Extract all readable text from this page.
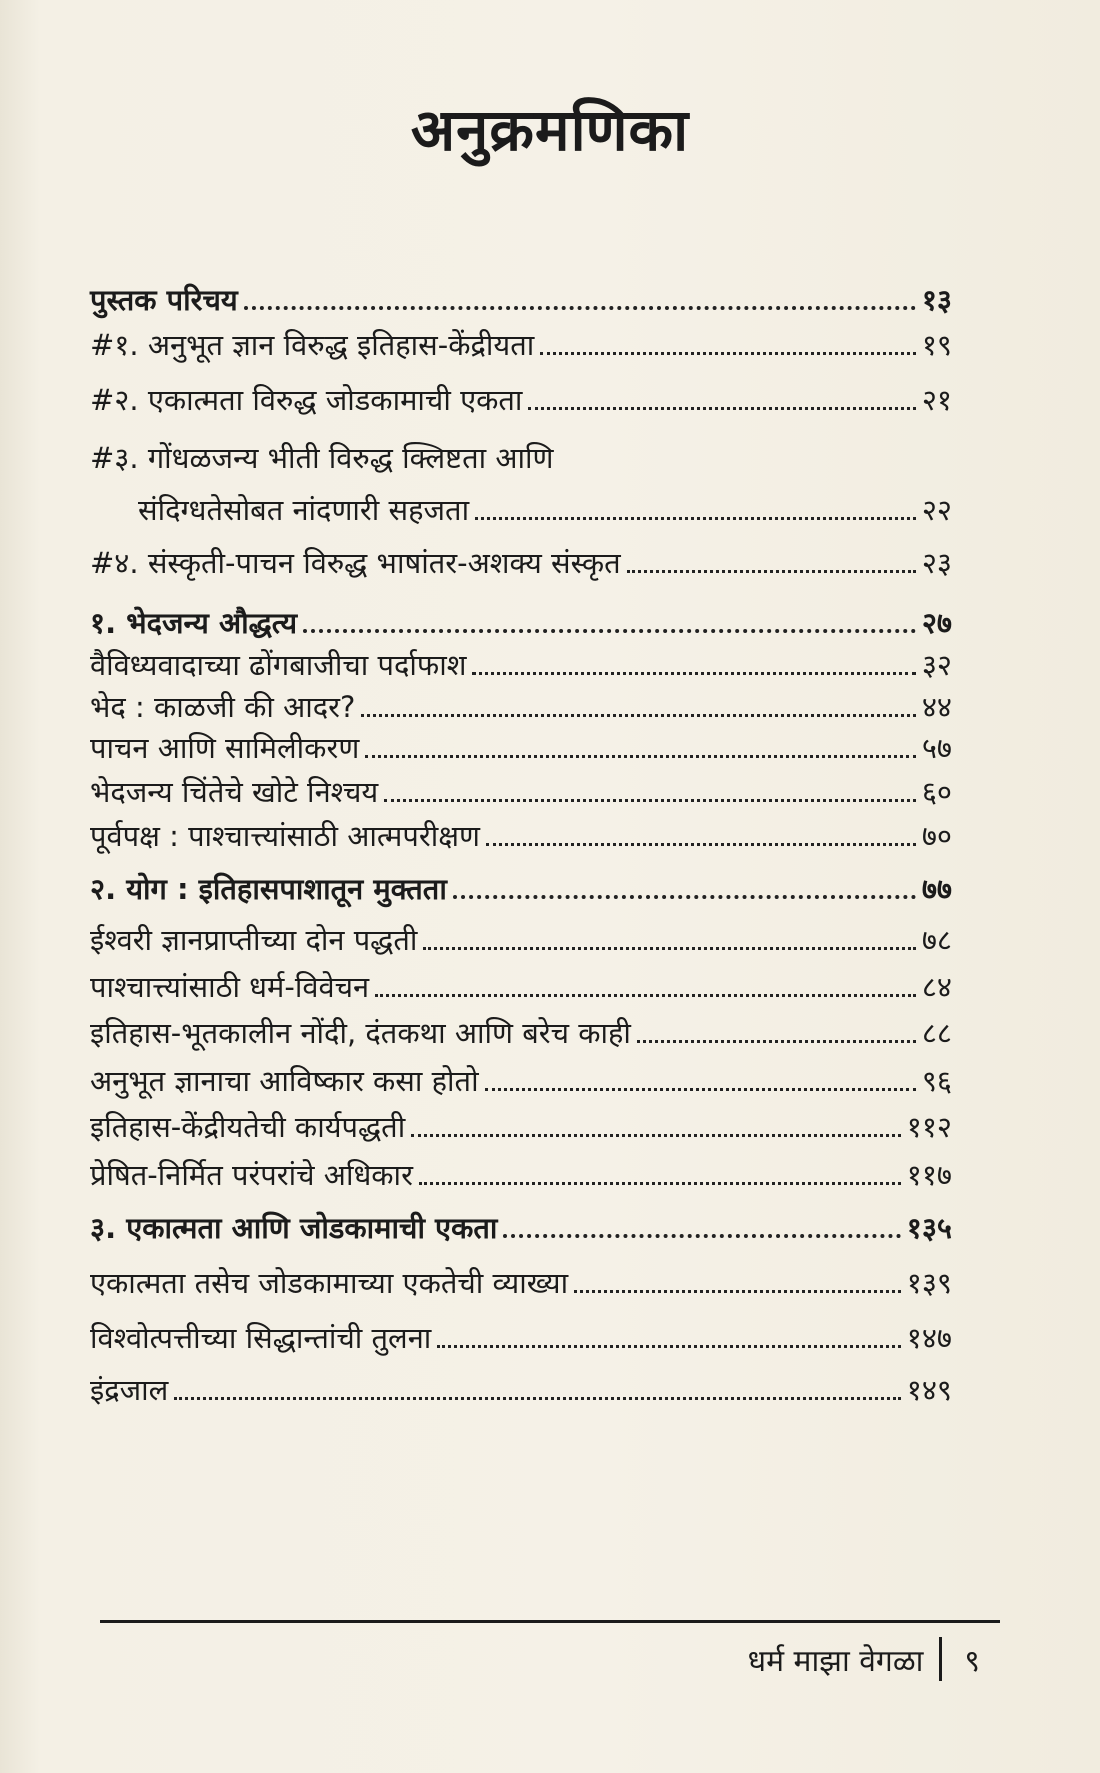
अनुक्रमणिका
पुस्तक परिचय	१३
#१. अनुभूत ज्ञान विरुद्ध इतिहास-केंद्रीयता	१९
#२. एकात्मता विरुद्ध जोडकामाची एकता	२१
#३. गोंधळजन्य भीती विरुद्ध क्लिष्टता आणि
संदिग्धतेसोबत नांदणारी सहजता	२२
#४. संस्कृती-पाचन विरुद्ध भाषांतर-अशक्य संस्कृत	२३
१. भेदजन्य औद्धत्य	२७
वैविध्यवादाच्या ढोंगबाजीचा पर्दाफाश	३२
भेद : काळजी की आदर?	४४
पाचन आणि सामिलीकरण	५७
भेदजन्य चिंतेचे खोटे निश्चय	६०
पूर्वपक्ष : पाश्चात्त्यांसाठी आत्मपरीक्षण	७०
२. योग : इतिहासपाशातून मुक्तता	७७
ईश्वरी ज्ञानप्राप्तीच्या दोन पद्धती	७८
पाश्चात्त्यांसाठी धर्म-विवेचन	८४
इतिहास-भूतकालीन नोंदी, दंतकथा आणि बरेच काही	८८
अनुभूत ज्ञानाचा आविष्कार कसा होतो	९६
इतिहास-केंद्रीयतेची कार्यपद्धती	११२
प्रेषित-निर्मित परंपरांचे अधिकार	११७
३. एकात्मता आणि जोडकामाची एकता	१३५
एकात्मता तसेच जोडकामाच्या एकतेची व्याख्या	१३९
विश्वोत्पत्तीच्या सिद्धान्तांची तुलना	१४७
इंद्रजाल	१४९
धर्म माझा वेगळा ९
